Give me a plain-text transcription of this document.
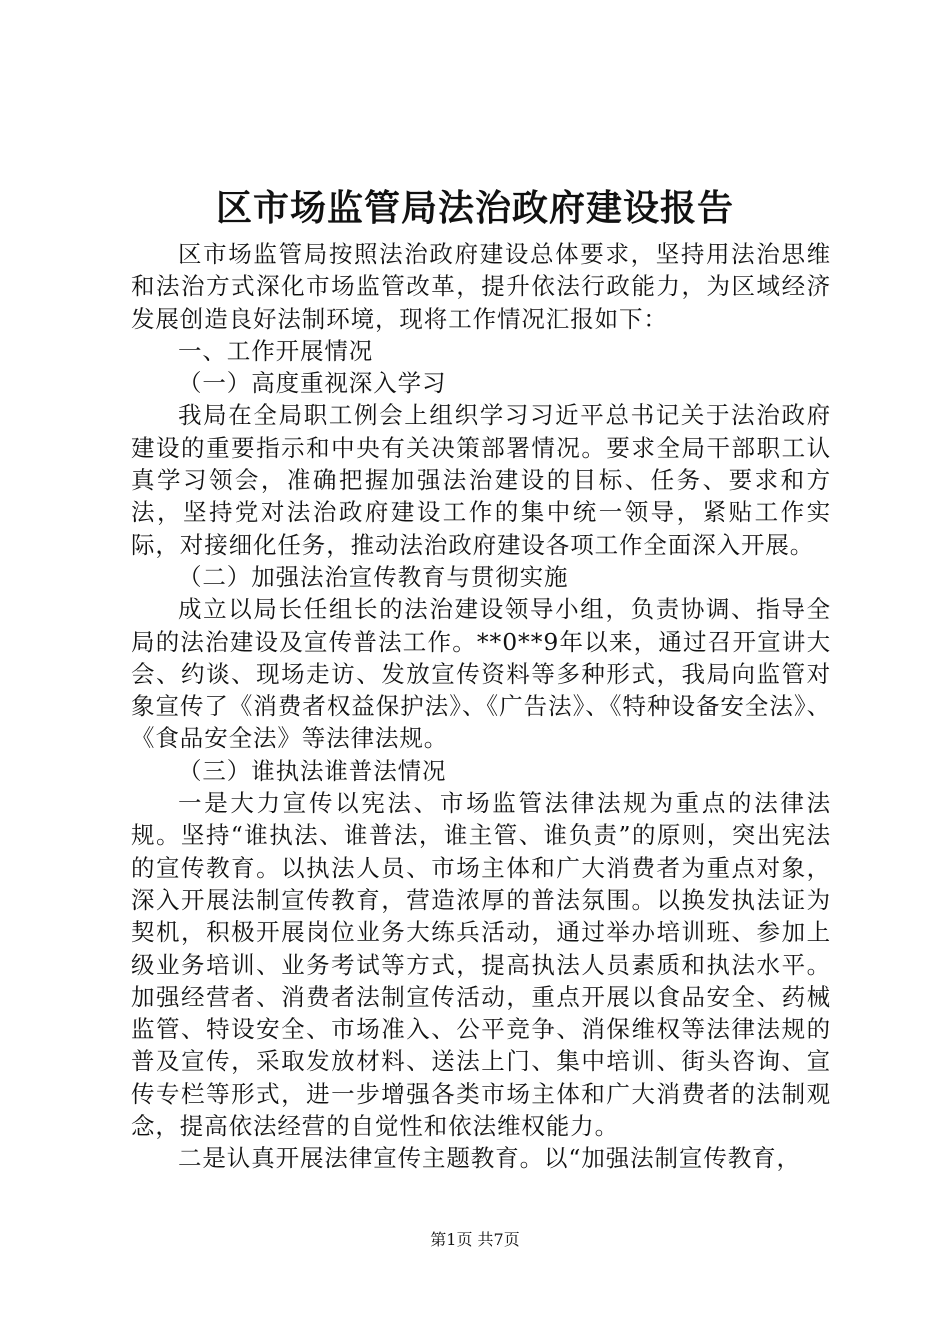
区市场监管局法治政府建设报告

区市场监管局按照法治政府建设总体要求，坚持用法治思维和法治方式深化市场监管改革，提升依法行政能力，为区域经济发展创造良好法制环境，现将工作情况汇报如下：

一、工作开展情况

（一）高度重视深入学习

我局在全局职工例会上组织学习习近平总书记关于法治政府建设的重要指示和中央有关决策部署情况。要求全局干部职工认真学习领会，准确把握加强法治建设的目标、任务、要求和方法，坚持党对法治政府建设工作的集中统一领导，紧贴工作实际，对接细化任务，推动法治政府建设各项工作全面深入开展。

（二）加强法治宣传教育与贯彻实施

成立以局长任组长的法治建设领导小组，负责协调、指导全局的法治建设及宣传普法工作。**0**9年以来，通过召开宣讲大会、约谈、现场走访、发放宣传资料等多种形式，我局向监管对象宣传了《消费者权益保护法》、《广告法》、《特种设备安全法》、《食品安全法》等法律法规。

（三）谁执法谁普法情况

一是大力宣传以宪法、市场监管法律法规为重点的法律法规。坚持“谁执法、谁普法，谁主管、谁负责”的原则，突出宪法的宣传教育。以执法人员、市场主体和广大消费者为重点对象，深入开展法制宣传教育，营造浓厚的普法氛围。以换发执法证为契机，积极开展岗位业务大练兵活动，通过举办培训班、参加上级业务培训、业务考试等方式，提高执法人员素质和执法水平。加强经营者、消费者法制宣传活动，重点开展以食品安全、药械监管、特设安全、市场准入、公平竞争、消保维权等法律法规的普及宣传，采取发放材料、送法上门、集中培训、街头咨询、宣传专栏等形式，进一步增强各类市场主体和广大消费者的法制观念，提高依法经营的自觉性和依法维权能力。

二是认真开展法律宣传主题教育。以“加强法制宣传教育，

第1页 共7页
